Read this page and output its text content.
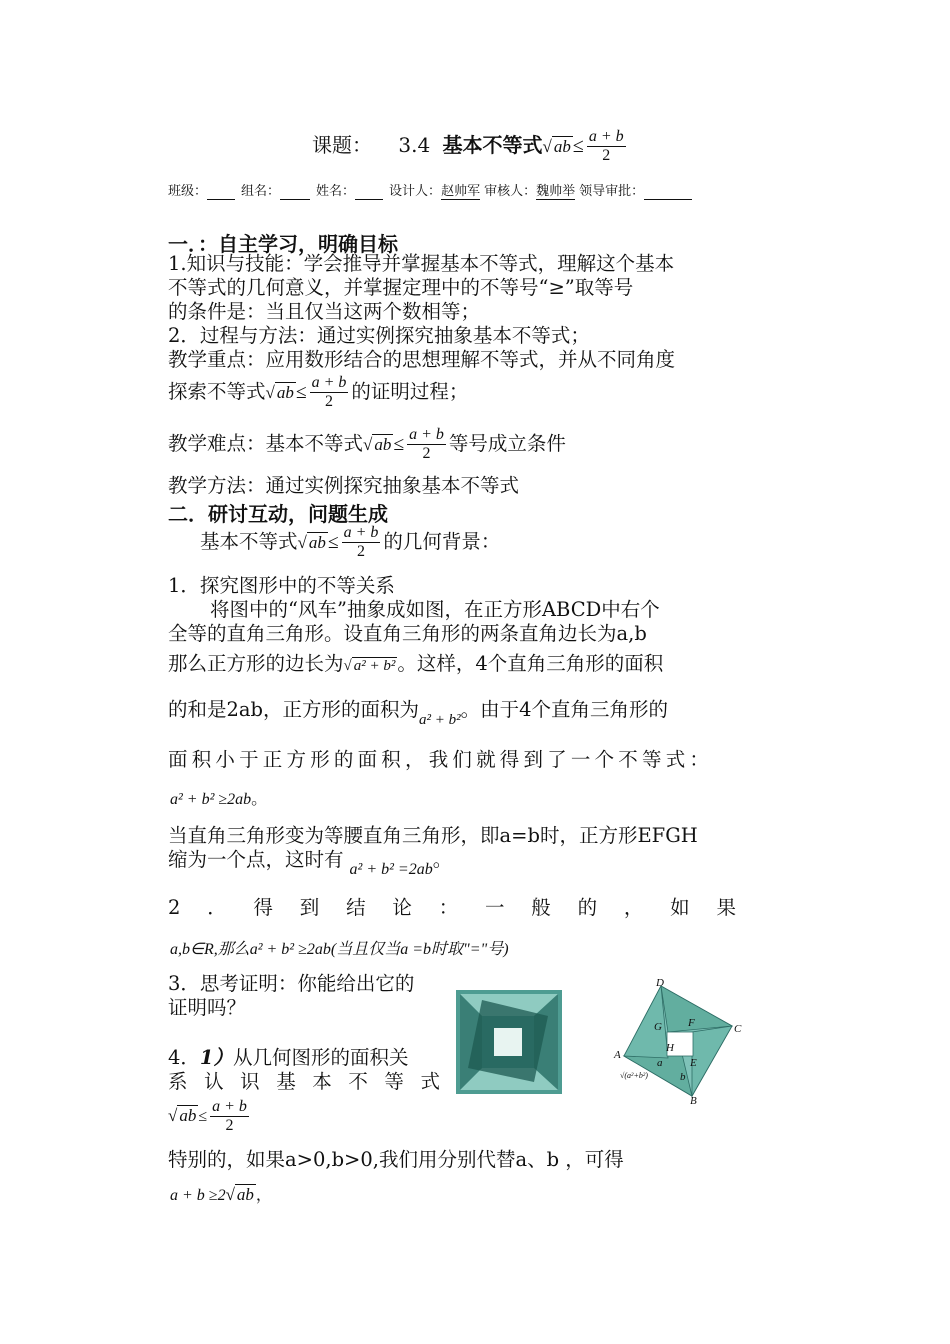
课题： 3.4 基本不等式√ ab ≤ $\frac{a + b}{2}$
班级：	组名：	姓名：	设计人：赵帅军 审核人：魏帅举 领导审批：
一．：自主学习，明确目标
1.知识与技能：学会推导并掌握基本不等式，理解这个基本
不等式的几何意义，并掌握定理中的不等号“≥”取等号
的条件是：当且仅当这两个数相等；
2．过程与方法：通过实例探究抽象基本不等式；
教学重点：应用数形结合的思想理解不等式，并从不同角度
探索不等式√ ab ≤ $\frac{a + b}{2}$ 的证明过程；
教学难点：基本不等式√ ab ≤ $\frac{a + b}{2}$ 等号成立条件
教学方法：通过实例探究抽象基本不等式
二．研讨互动，问题生成
基本不等式√ ab ≤ $\frac{a + b}{2}$ 的几何背景：
1．探究图形中的不等关系
将图中的“风车”抽象成如图，在正方形ABCD中右个
全等的直角三角形。设直角三角形的两条直角边长为a,b
那么正方形的边长为√ a² + b² 。这样，4个直角三角形的面积
的和是2ab，正方形的面积为$_{a^2 + b^2}$。由于4个直角三角形的
面积小于正方形的面积，我们就得到了一个不等式：
a² + b² ≥2ab。
当直角三角形变为等腰直角三角形，即a=b时，正方形EFGH
缩为一个点，这时有 $_{a^2 + b^2 =2ab}$。
2 ． 得 到 结 论 ： 一 般 的 ， 如 果
a,b∈R,那么a² + b² ≥2ab(当且仅当a =b时取"="号)
3．思考证明：你能给出它的
证明吗？
4．1）从几何图形的面积关
系 认 识 基 本 不 等 式
√ ab ≤ $\frac{a + b}{2}$
特别的，如果a>0,b>0,我们用分别代替a、b ，可得
a + b ≥2√ ab ，
D
G F	C
A
H
E
a
b
B
√(a²+b²)
